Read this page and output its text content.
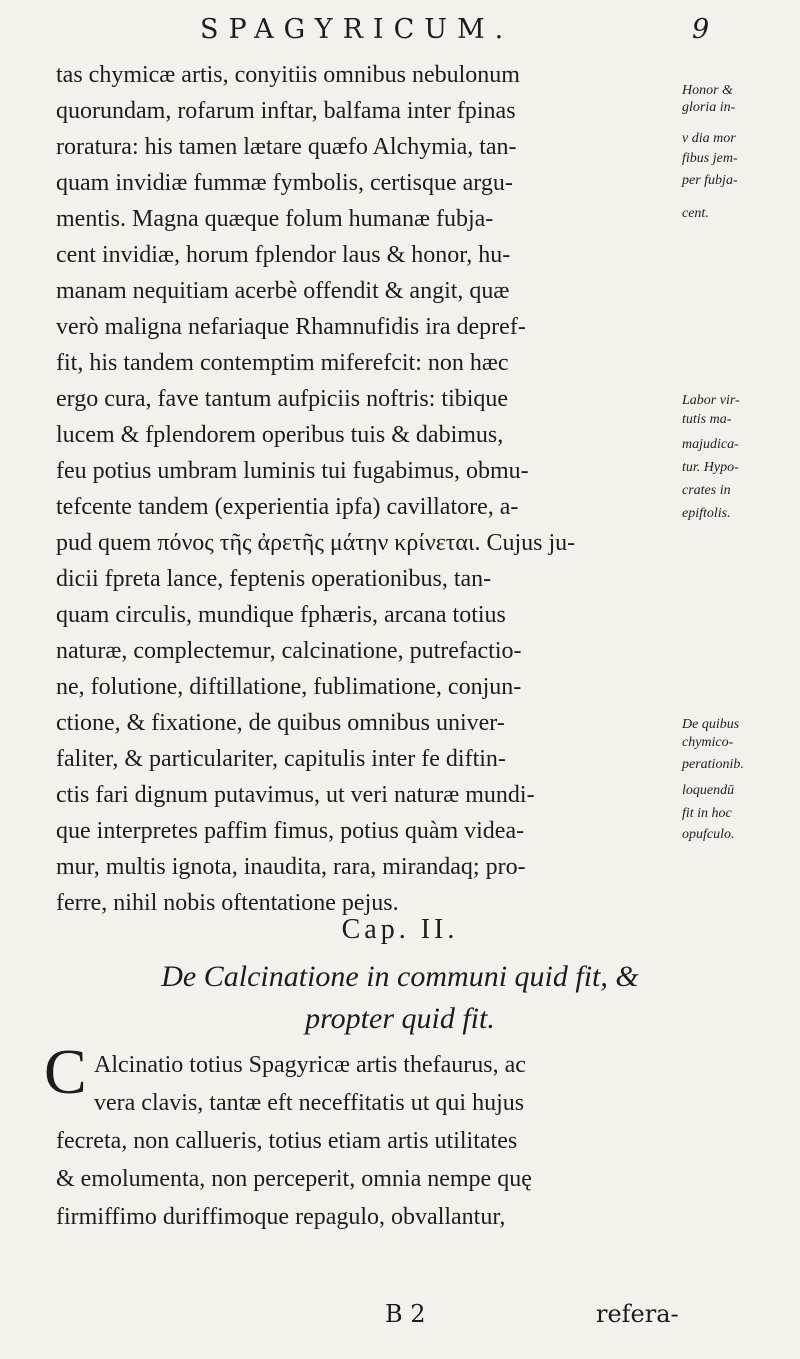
SPAGYRICUM.	9
tas chymicæ artis, conyitiis omnibus nebulonum
quorundam, rofarum inftar, balfama inter fpinas
roratura: his tamen lætare quæfo Alchymia, tan-
quam invidiæ fummæ fymbolis, certisque argu-
mentis. Magna quæque folum humanæ fubja-
cent invidiæ, horum fplendor laus & honor, hu-
manam nequitiam acerbè offendit & angit, quæ
verò maligna nefariaque Rhamnufidis ira depref-
fit, his tandem contemptim miferefcit: non hæc
ergo cura, fave tantum aufpiciis noftris: tibique
lucem & fplendorem operibus tuis & dabimus,
feu potius umbram luminis tui fugabimus, obmu-
tefcente tandem (experientia ipfa) cavillatore, a-
pud quem πόνος τῆς ἀρετῆς μάτην κρίνεται. Cujus ju-
dicii fpreta lance, feptenis operationibus, tan-
quam circulis, mundique fphæris, arcana totius
naturæ, complectemur, calcinatione, putrefactio-
ne, folutione, diftillatione, fublimatione, conjun-
ctione, & fixatione, de quibus omnibus univer-
faliter, & particulariter, capitulis inter fe diftin-
ctis fari dignum putavimus, ut veri naturæ mundi-
que interpretes paffim fimus, potius quàm videa-
mur, multis ignota, inaudita, rara, mirandaq; pro-
ferre, nihil nobis oftentatione pejus.
Honor &
gloria in-
v dia mor
fibus jem-
per fubja-
cent.
Labor vir-
tutis ma-
majudica-
tur. Hypo-
crates in
epiftolis.
De quibus
chymico-
perationib.
loquendū
fit in hoc
opufculo.
Cap. II.
De Calcinatione in communi quid fit, &
propter quid fit.
C Alcinatio totius Spagyricæ artis thefaurus, ac
vera clavis, tantæ eft neceffitatis ut qui hujus
fecreta, non callueris, totius etiam artis utilitates
& emolumenta, non perceperit, omnia nempe quę
firmiffimo duriffimoque repagulo, obvallantur,
B 2	refera-
